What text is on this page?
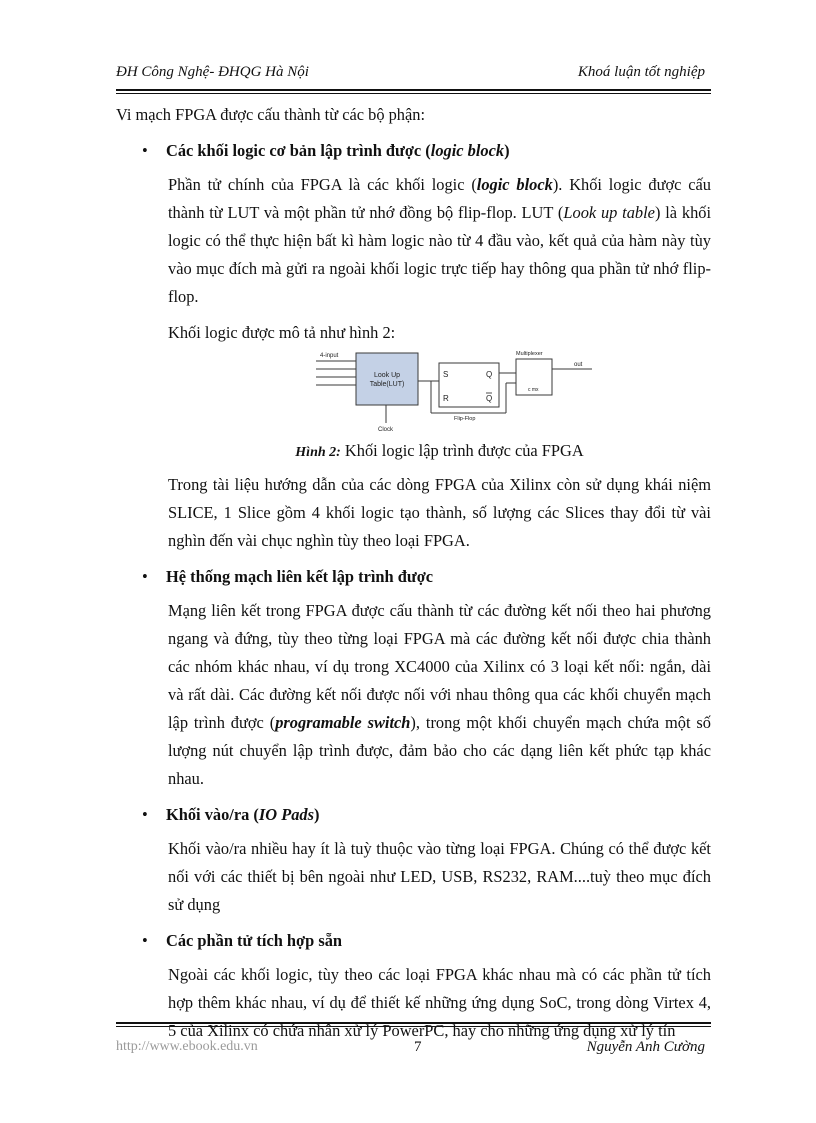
ĐH Công Nghệ- ĐHQG Hà Nội	Khoá luận tốt nghiệp

Vi mạch FPGA được cấu thành từ các bộ phận:

• Các khối logic cơ bản lập trình được (logic block)

Phần tử chính của FPGA là các khối logic (logic block). Khối logic được cấu thành từ LUT và một phần tử nhớ đồng bộ flip-flop. LUT (Look up table) là khối logic có thể thực hiện bất kì hàm logic nào từ 4 đầu vào, kết quả của hàm này tùy vào mục đích mà gửi ra ngoài khối logic trực tiếp hay thông qua phần tử nhớ flip-flop.

Khối logic được mô tả như hình 2:

4-input
Look Up
Table(LUT)
Clock
S
R
Q
Q
Flip-Flop
Multiplexer
out
c mx

Hình 2: Khối logic lập trình được của FPGA

Trong tài liệu hướng dẫn của các dòng FPGA của Xilinx còn sử dụng khái niệm SLICE, 1 Slice gồm 4 khối logic tạo thành, số lượng các Slices thay đổi từ vài nghìn đến vài chục nghìn tùy theo loại FPGA.

• Hệ thống mạch liên kết lập trình được

Mạng liên kết trong FPGA được cấu thành từ các đường kết nối theo hai phương ngang và đứng, tùy theo từng loại FPGA mà các đường kết nối được chia thành các nhóm khác nhau, ví dụ trong XC4000 của Xilinx có 3 loại kết nối: ngắn, dài và rất dài. Các đường kết nối được nối với nhau thông qua các khối chuyển mạch lập trình được (programable switch), trong một khối chuyển mạch chứa một số lượng nút chuyển lập trình được, đảm bảo cho các dạng liên kết phức tạp khác nhau.

• Khối vào/ra (IO Pads)

Khối vào/ra nhiều hay ít là tuỳ thuộc vào từng loại FPGA. Chúng có thể được kết nối với các thiết bị bên ngoài như LED, USB, RS232, RAM....tuỳ theo mục đích sử dụng

• Các phần tử tích hợp sẵn

Ngoài các khối logic, tùy theo các loại FPGA khác nhau mà có các phần tử tích hợp thêm khác nhau, ví dụ để thiết kế những ứng dụng SoC, trong dòng Virtex 4, 5 của Xilinx có chứa nhân xử lý PowerPC, hay cho những ứng dụng xử lý tín

http://www.ebook.edu.vn	7	Nguyễn Anh Cường
